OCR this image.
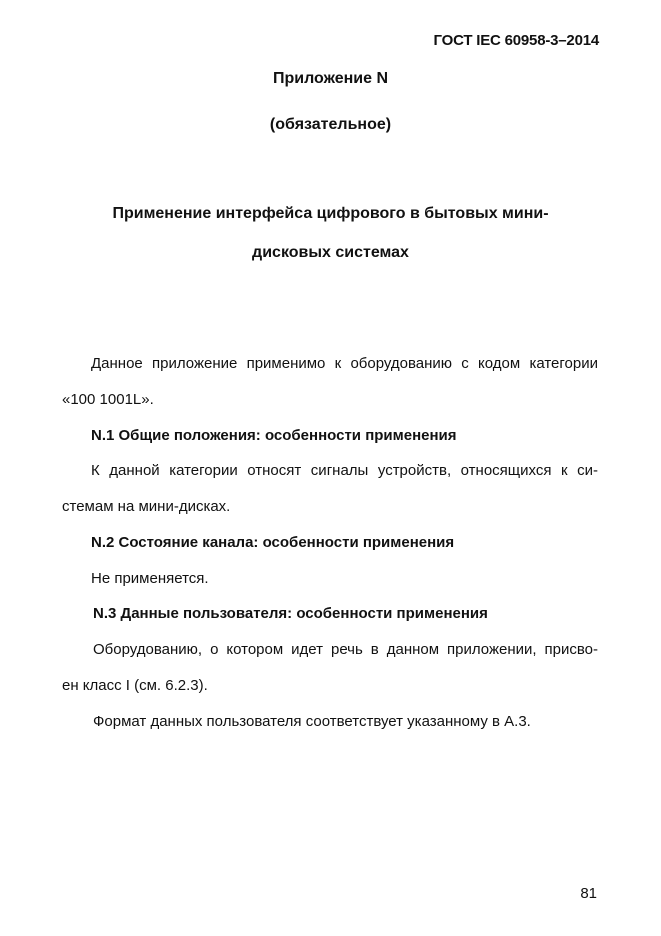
ГОСТ IEC 60958-3–2014
Приложение N
(обязательное)
Применение интерфейса цифрового в бытовых мини-
дисковых системах
Данное приложение применимо к оборудованию с кодом категории
«100 1001L».
N.1 Общие положения: особенности применения
К данной категории относят сигналы устройств, относящихся к си-
стемам на мини-дисках.
N.2 Состояние канала: особенности применения
Не применяется.
N.3 Данные пользователя: особенности применения
Оборудованию, о котором идет речь в данном приложении, присво-
ен класс I (см. 6.2.3).
Формат данных пользователя соответствует указанному в А.3.
81
